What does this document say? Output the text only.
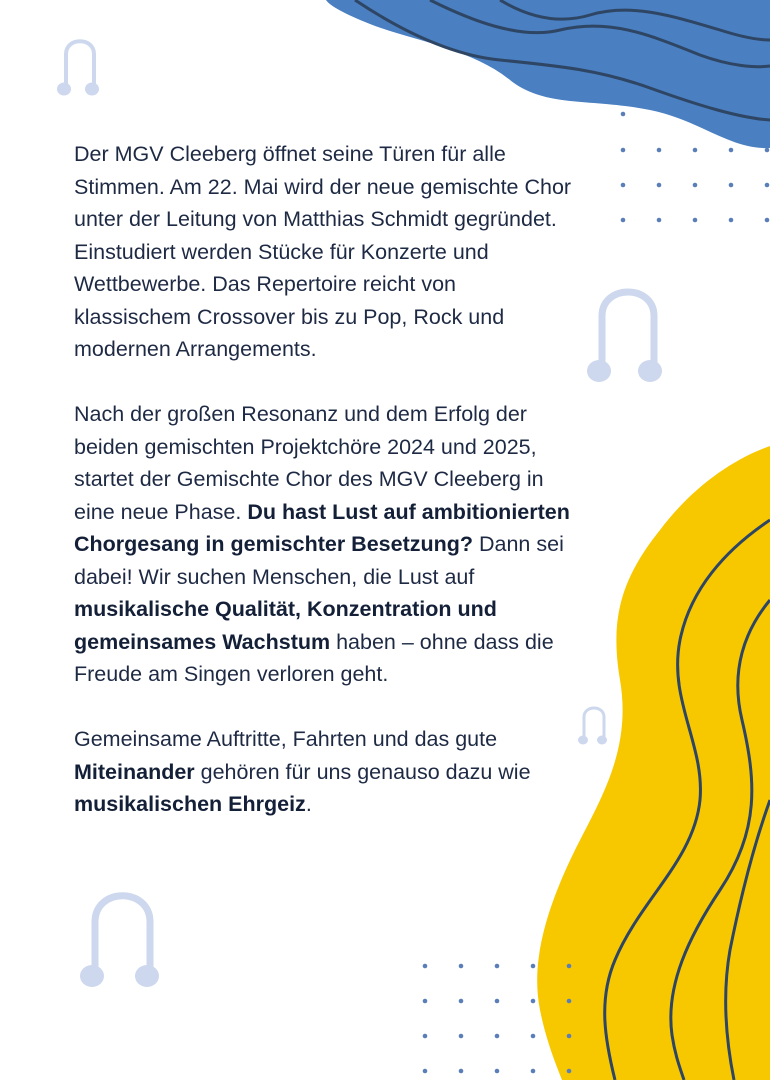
Der MGV Cleeberg öffnet seine Türen für alle Stimmen. Am 22. Mai wird der neue gemischte Chor unter der Leitung von Matthias Schmidt gegründet. Einstudiert werden Stücke für Konzerte und Wettbewerbe. Das Repertoire reicht von klassischem Crossover bis zu Pop, Rock und modernen Arrangements.

Nach der großen Resonanz und dem Erfolg der beiden gemischten Projektchöre 2024 und 2025, startet der Gemischte Chor des MGV Cleeberg in eine neue Phase. Du hast Lust auf ambitionierten Chorgesang in gemischter Besetzung? Dann sei dabei! Wir suchen Menschen, die Lust auf musikalische Qualität, Konzentration und gemeinsames Wachstum haben – ohne dass die Freude am Singen verloren geht.

Gemeinsame Auftritte, Fahrten und das gute Miteinander gehören für uns genauso dazu wie musikalischen Ehrgeiz.
